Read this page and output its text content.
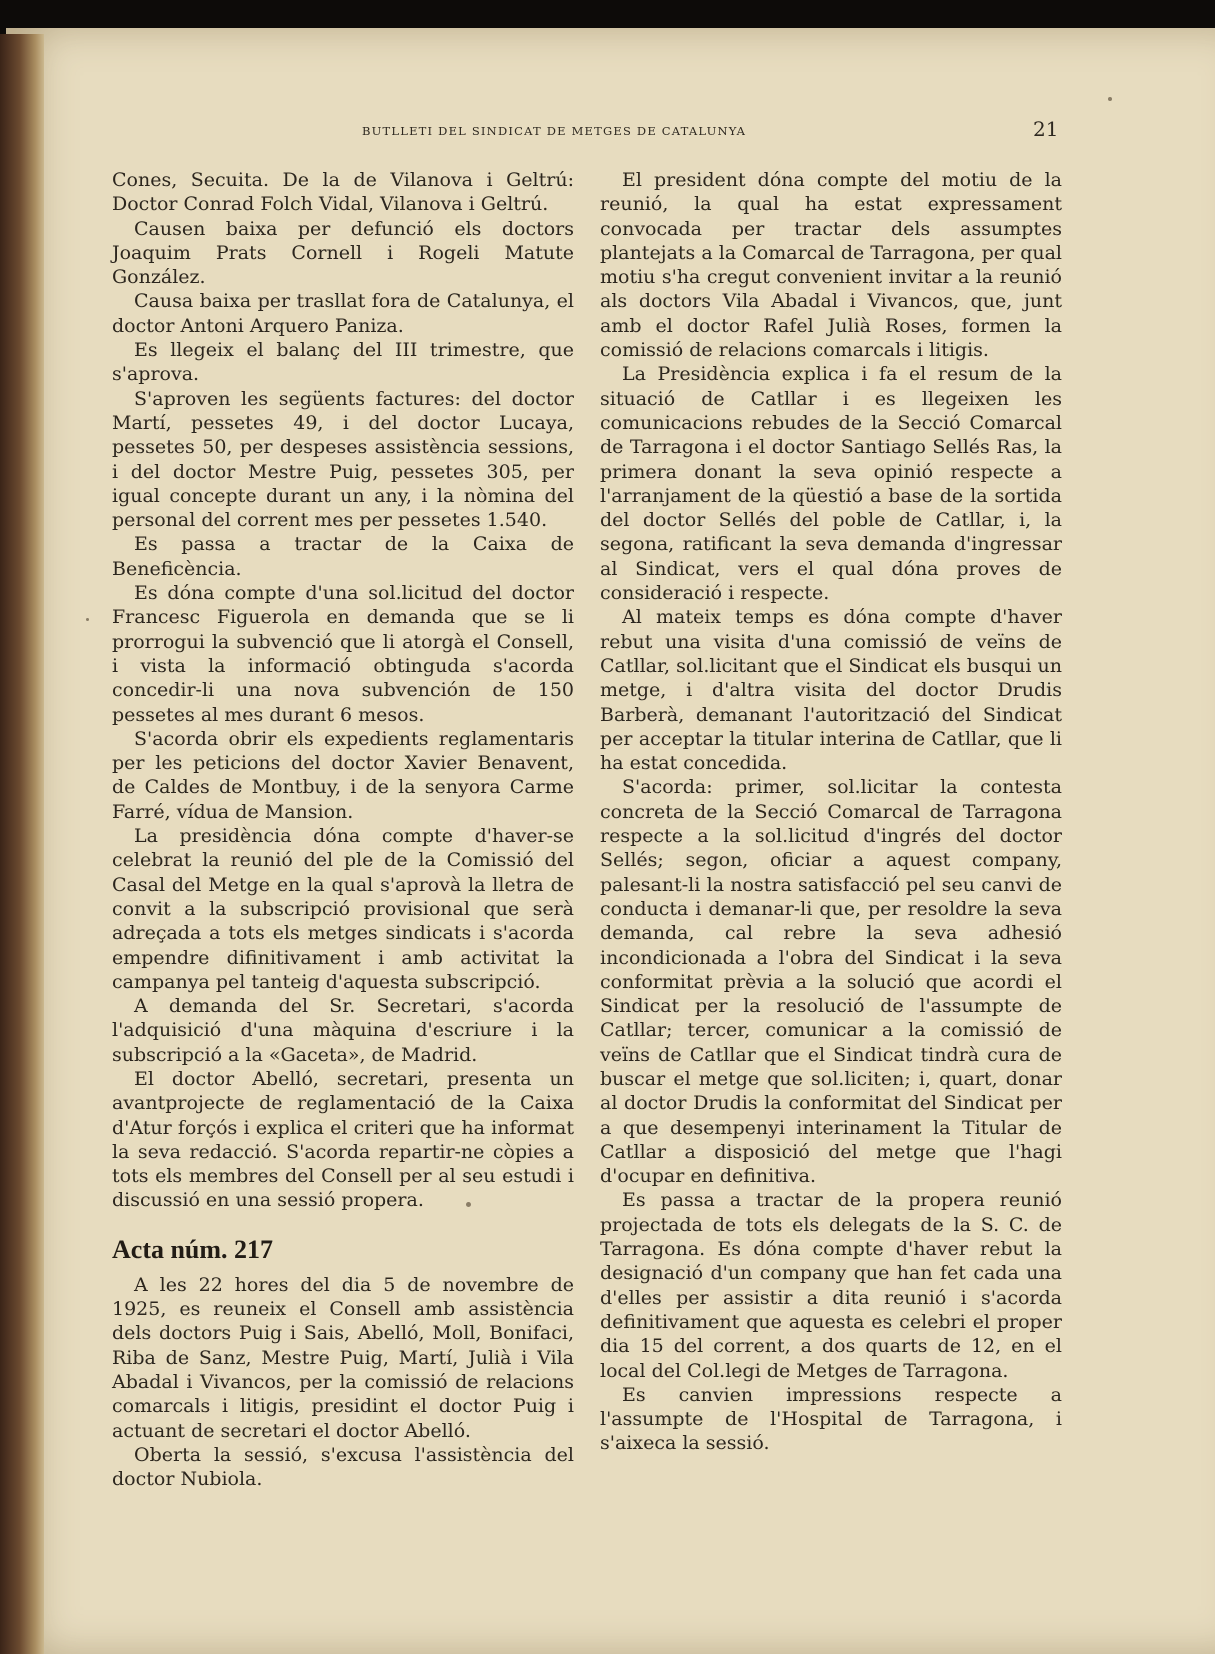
BUTLLETI DEL SINDICAT DE METGES DE CATALUNYA	21

Cones, Secuita. De la de Vilanova i Geltrú: Doctor Conrad Folch Vidal, Vilanova i Geltrú.

Causen baixa per defunció els doctors Joaquim Prats Cornell i Rogeli Matute González.

Causa baixa per trasllat fora de Catalunya, el doctor Antoni Arquero Paniza.

Es llegeix el balanç del III trimestre, que s'aprova.

S'aproven les següents factures: del doctor Martí, pessetes 49, i del doctor Lucaya, pessetes 50, per despeses assistència sessions, i del doctor Mestre Puig, pessetes 305, per igual concepte durant un any, i la nòmina del personal del corrent mes per pessetes 1.540.

Es passa a tractar de la Caixa de Beneficència.

Es dóna compte d'una sol.licitud del doctor Francesc Figuerola en demanda que se li prorrogui la subvenció que li atorgà el Consell, i vista la informació obtinguda s'acorda concedir-li una nova subvención de 150 pessetes al mes durant 6 mesos.

S'acorda obrir els expedients reglamentaris per les peticions del doctor Xavier Benavent, de Caldes de Montbuy, i de la senyora Carme Farré, vídua de Mansion.

La presidència dóna compte d'haver-se celebrat la reunió del ple de la Comissió del Casal del Metge en la qual s'aprovà la lletra de convit a la subscripció provisional que serà adreçada a tots els metges sindicats i s'acorda empendre difinitivament i amb activitat la campanya pel tanteig d'aquesta subscripció.

A demanda del Sr. Secretari, s'acorda l'adquisició d'una màquina d'escriure i la subscripció a la «Gaceta», de Madrid.

El doctor Abelló, secretari, presenta un avantprojecte de reglamentació de la Caixa d'Atur forçós i explica el criteri que ha informat la seva redacció. S'acorda repartir-ne còpies a tots els membres del Consell per al seu estudi i discussió en una sessió propera.

Acta núm. 217

A les 22 hores del dia 5 de novembre de 1925, es reuneix el Consell amb assistència dels doctors Puig i Sais, Abelló, Moll, Bonifaci, Riba de Sanz, Mestre Puig, Martí, Julià i Vila Abadal i Vivancos, per la comissió de relacions comarcals i litigis, presidint el doctor Puig i actuant de secretari el doctor Abelló.

Oberta la sessió, s'excusa l'assistència del doctor Nubiola.

El president dóna compte del motiu de la reunió, la qual ha estat expressament convocada per tractar dels assumptes plantejats a la Comarcal de Tarragona, per qual motiu s'ha cregut convenient invitar a la reunió als doctors Vila Abadal i Vivancos, que, junt amb el doctor Rafel Julià Roses, formen la comissió de relacions comarcals i litigis.

La Presidència explica i fa el resum de la situació de Catllar i es llegeixen les comunicacions rebudes de la Secció Comarcal de Tarragona i el doctor Santiago Sellés Ras, la primera donant la seva opinió respecte a l'arranjament de la qüestió a base de la sortida del doctor Sellés del poble de Catllar, i, la segona, ratificant la seva demanda d'ingressar al Sindicat, vers el qual dóna proves de consideració i respecte.

Al mateix temps es dóna compte d'haver rebut una visita d'una comissió de veïns de Catllar, sol.licitant que el Sindicat els busqui un metge, i d'altra visita del doctor Drudis Barberà, demanant l'autorització del Sindicat per acceptar la titular interina de Catllar, que li ha estat concedida.

S'acorda: primer, sol.licitar la contesta concreta de la Secció Comarcal de Tarragona respecte a la sol.licitud d'ingrés del doctor Sellés; segon, oficiar a aquest company, palesant-li la nostra satisfacció pel seu canvi de conducta i demanar-li que, per resoldre la seva demanda, cal rebre la seva adhesió incondicionada a l'obra del Sindicat i la seva conformitat prèvia a la solució que acordi el Sindicat per la resolució de l'assumpte de Catllar; tercer, comunicar a la comissió de veïns de Catllar que el Sindicat tindrà cura de buscar el metge que sol.liciten; i, quart, donar al doctor Drudis la conformitat del Sindicat per a que desempenyi interinament la Titular de Catllar a disposició del metge que l'hagi d'ocupar en definitiva.

Es passa a tractar de la propera reunió projectada de tots els delegats de la S. C. de Tarragona. Es dóna compte d'haver rebut la designació d'un company que han fet cada una d'elles per assistir a dita reunió i s'acorda definitivament que aquesta es celebri el proper dia 15 del corrent, a dos quarts de 12, en el local del Col.legi de Metges de Tarragona.

Es canvien impressions respecte a l'assumpte de l'Hospital de Tarragona, i s'aixeca la sessió.
